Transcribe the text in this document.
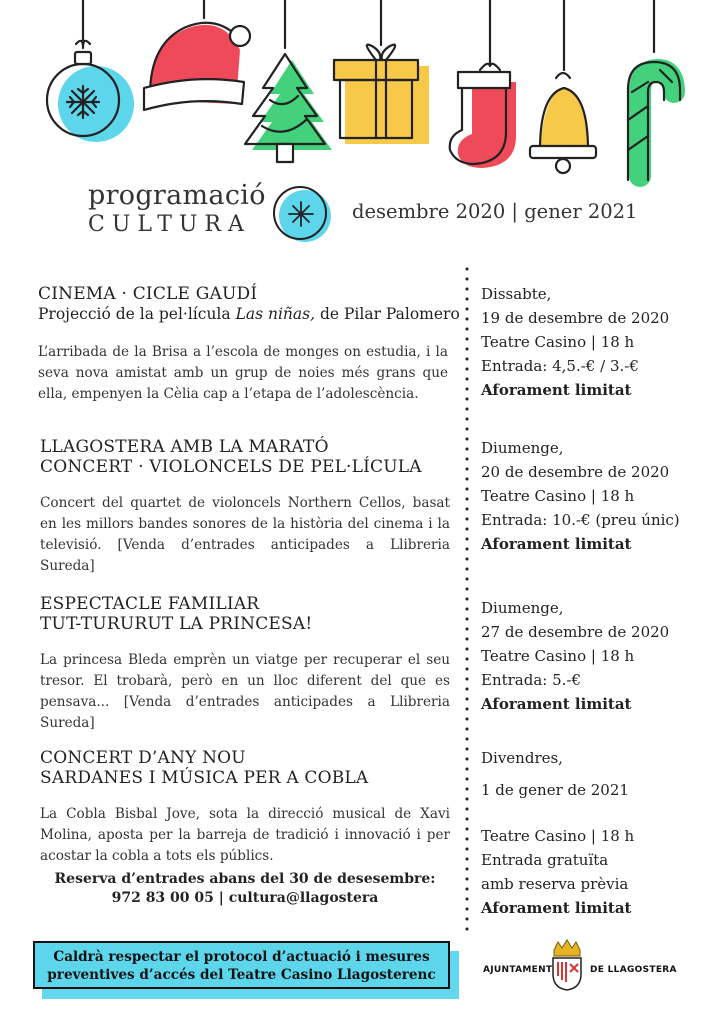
programació
CULTURA
desembre 2020 | gener 2021
CINEMA · CICLE GAUDÍ
Projecció de la pel·lícula Las niñas, de Pilar Palomero
L’arribada de la Brisa a l’escola de monges on estudia, i la seva nova amistat amb un grup de noies més grans que ella, empenyen la Cèlia cap a l’etapa de l’adolescència.
Dissabte,
19 de desembre de 2020
Teatre Casino | 18 h
Entrada: 4,5.-€ / 3.-€
Aforament limitat
LLAGOSTERA AMB LA MARATÓ
CONCERT · VIOLONCELS DE PEL·LÍCULA
Concert del quartet de violoncels Northern Cellos, basat en les millors bandes sonores de la història del cinema i la televisió. [Venda d’entrades anticipades a Llibreria Sureda]
Diumenge,
20 de desembre de 2020
Teatre Casino | 18 h
Entrada: 10.-€ (preu únic)
Aforament limitat
ESPECTACLE FAMILIAR
TUT-TURURUT LA PRINCESA!
La princesa Bleda emprèn un viatge per recuperar el seu tresor. El trobarà, però en un lloc diferent del que es pensava... [Venda d’entrades anticipades a Llibreria Sureda]
Diumenge,
27 de desembre de 2020
Teatre Casino | 18 h
Entrada: 5.-€
Aforament limitat
CONCERT D’ANY NOU
SARDANES I MÚSICA PER A COBLA
La Cobla Bisbal Jove, sota la direcció musical de Xavi Molina, aposta per la barreja de tradició i innovació i per acostar la cobla a tots els públics.
Divendres,
1 de gener de 2021
Teatre Casino | 18 h
Entrada gratuïta
amb reserva prèvia
Aforament limitat
Reserva d’entrades abans del 30 de desesembre:
972 83 00 05 | cultura@llagostera
Caldrà respectar el protocol d’actuació i mesures
preventives d’accés del Teatre Casino Llagosterenc	AJUNTAMENT	DE LLAGOSTERA
